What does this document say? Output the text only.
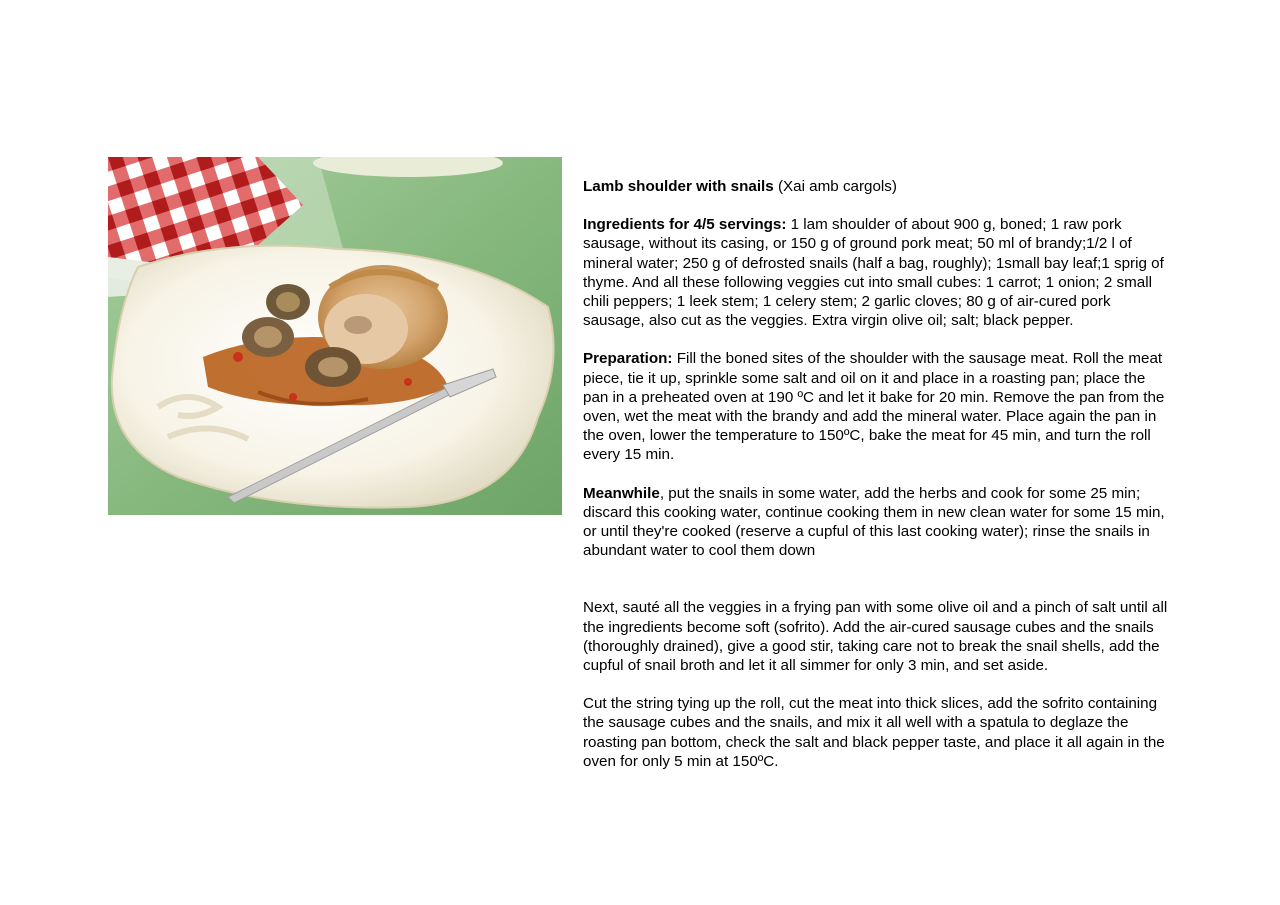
Lamb shoulder with snails (Xai amb cargols)

Ingredients for 4/5 servings: 1 lam shoulder of about 900 g, boned; 1 raw pork sausage, without its casing, or 150 g of ground pork meat; 50 ml of brandy;1/2 l of mineral water; 250 g of defrosted snails (half a bag, roughly); 1small bay leaf;1 sprig of thyme. And all these following veggies cut into small cubes: 1 carrot; 1 onion; 2 small chili peppers; 1 leek stem; 1 celery stem; 2 garlic cloves; 80 g of air-cured pork sausage, also cut as the veggies. Extra virgin olive oil; salt; black pepper.

Preparation: Fill the boned sites of the shoulder with the sausage meat. Roll the meat piece, tie it up, sprinkle some salt and oil on it and place in a roasting pan; place the pan in a preheated oven at 190 ºC and let it bake for 20 min. Remove the pan from the oven, wet the meat with the brandy and add the mineral water. Place again the pan in the oven, lower the temperature to 150ºC, bake the meat for 45 min, and turn the roll every 15 min.

Meanwhile, put the snails in some water, add the herbs and cook for some 25 min; discard this cooking water, continue cooking them in new clean water for some 15 min, or until they're cooked (reserve a cupful of this last cooking water); rinse the snails in abundant water to cool them down

Next, sauté all the veggies in a frying pan with some olive oil and a pinch of salt until all the ingredients become soft (sofrito). Add the air-cured sausage cubes and the snails (thoroughly drained), give a good stir, taking care not to break the snail shells, add the cupful of snail broth and let it all simmer for only 3 min, and set aside.

Cut the string tying up the roll, cut the meat into thick slices, add the sofrito containing the sausage cubes and the snails, and mix it all well with a spatula to deglaze the roasting pan bottom, check the salt and black pepper taste, and place it all again in the oven for only 5 min at 150ºC.
